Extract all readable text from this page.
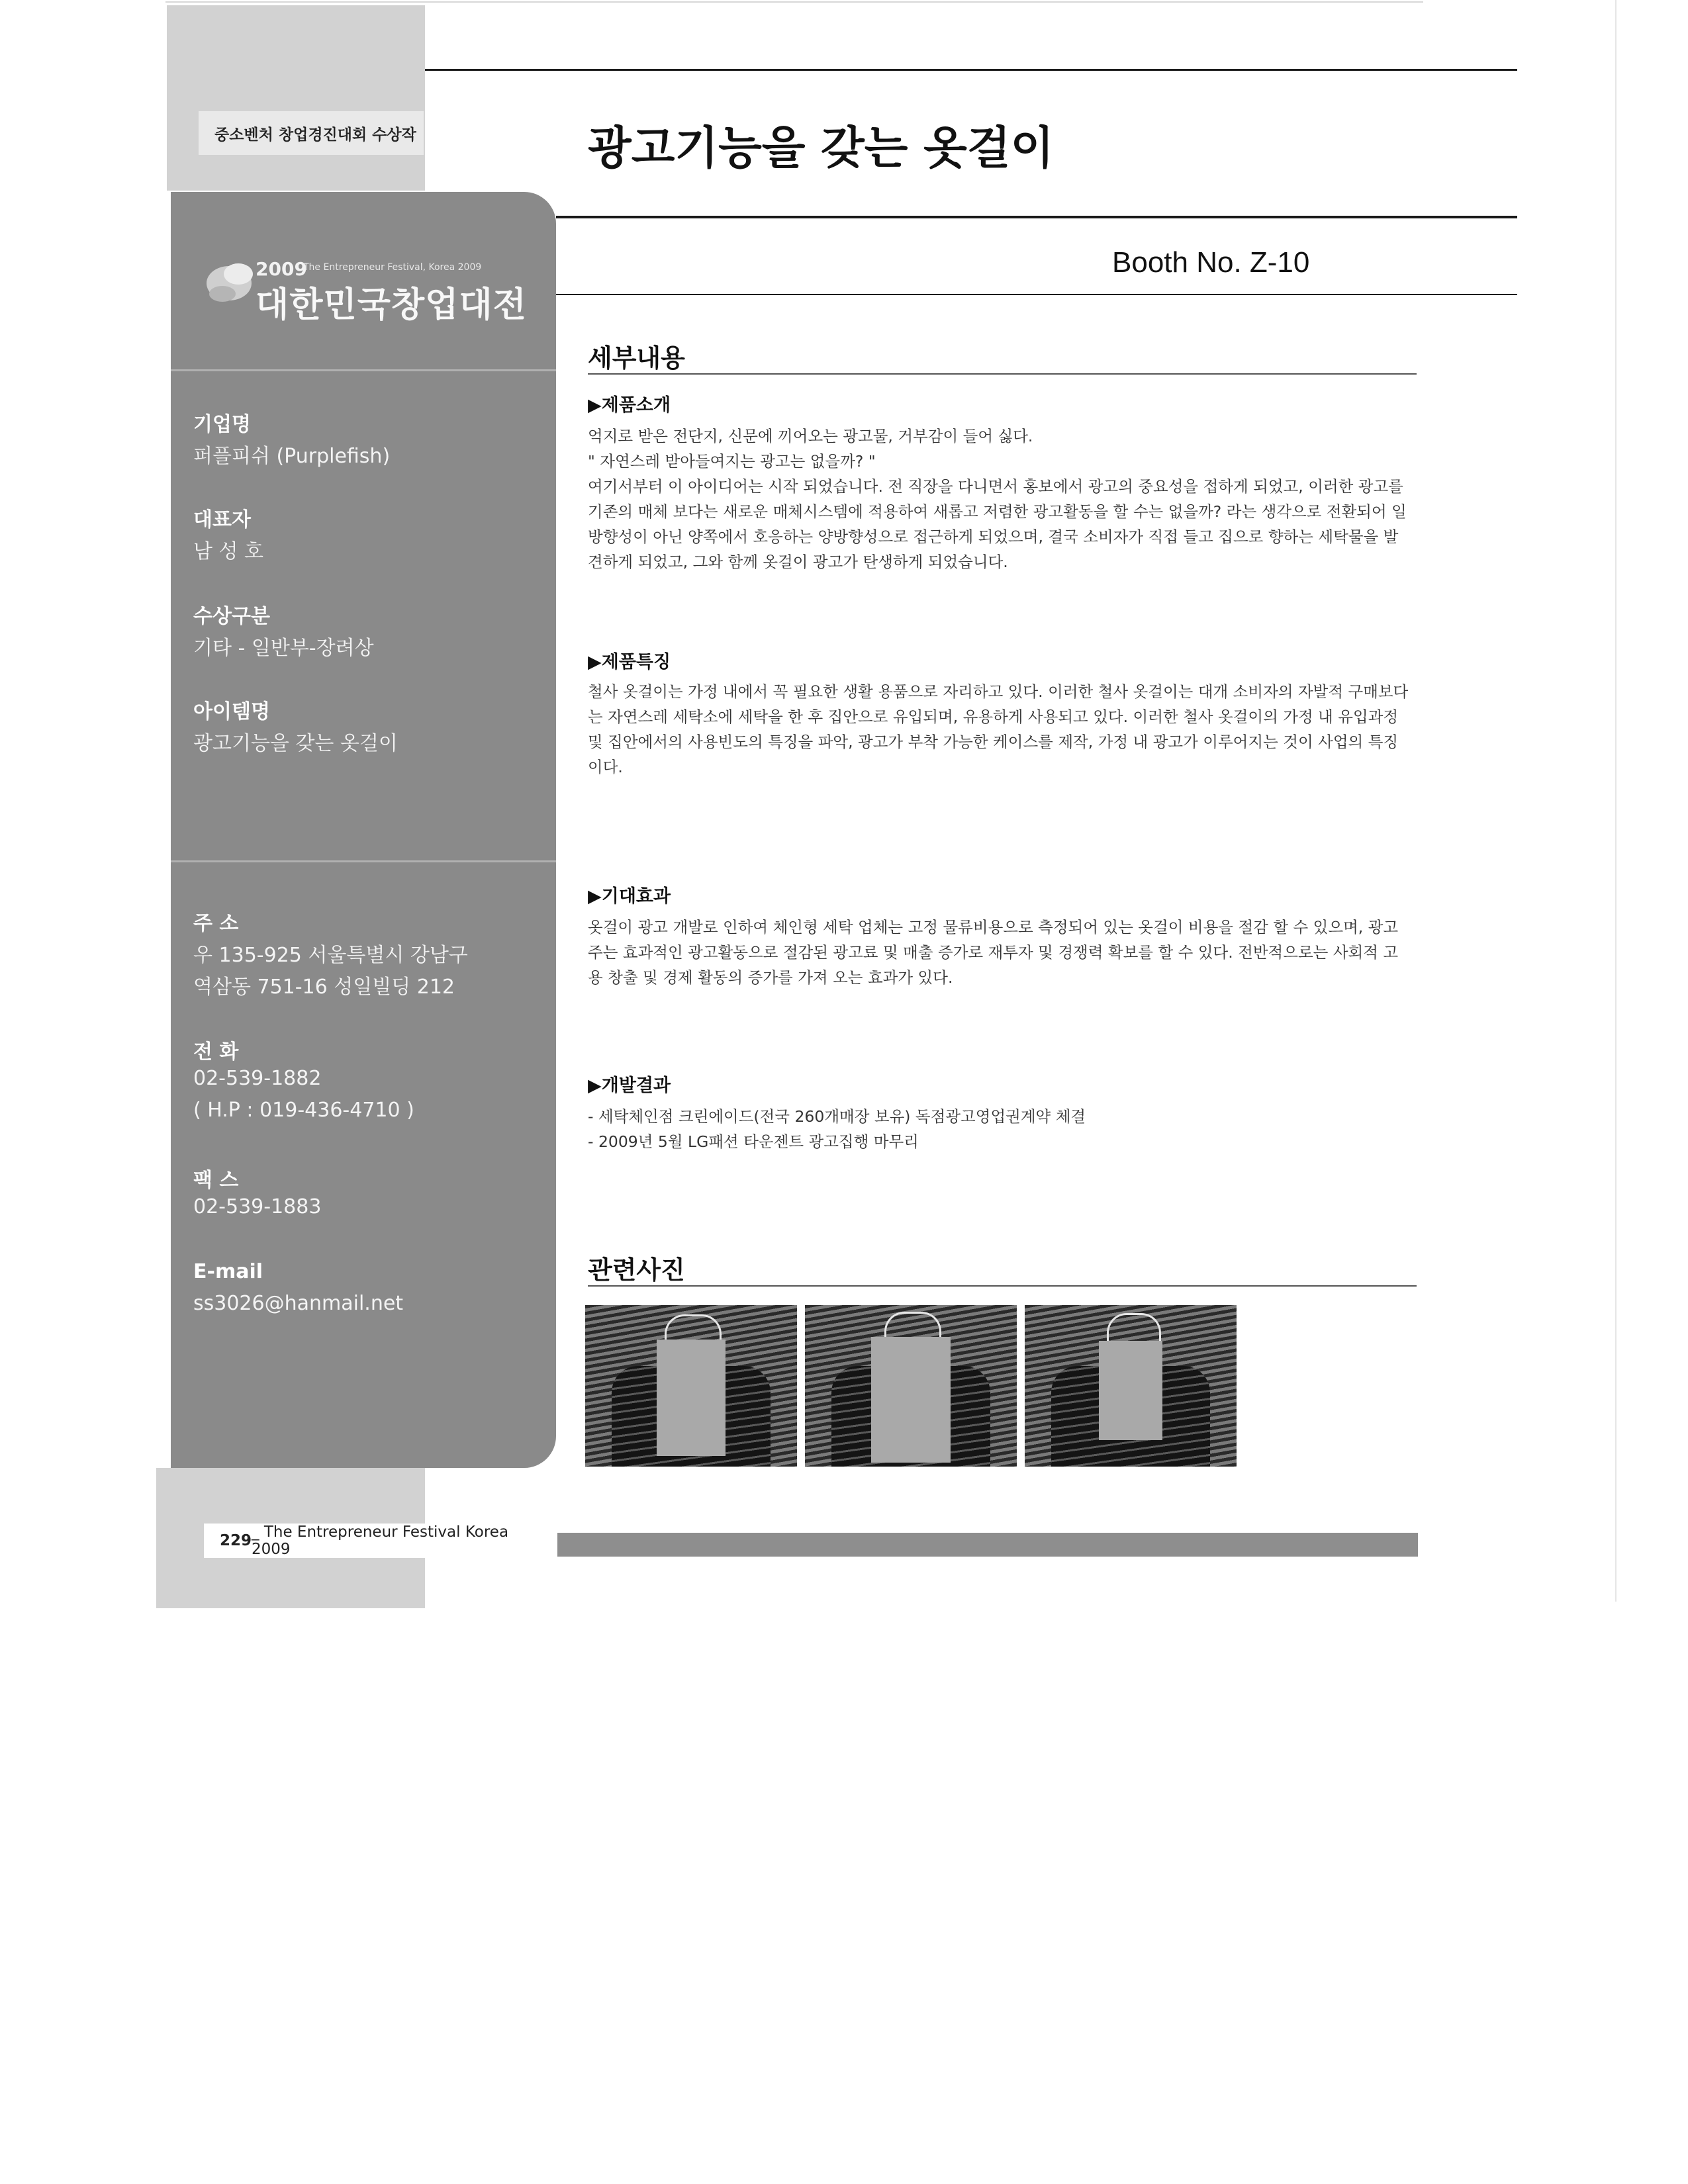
중소벤처 창업경진대회 수상작	광고기능을 갖는 옷걸이
Booth No. Z-10
2009
The Entrepreneur Festival, Korea 2009
대한민국창업대전
기업명
퍼플피쉬 (Purplefish)
대표자
남 성 호
수상구분
기타 - 일반부-장려상
아이템명
광고기능을 갖는 옷걸이
주 소
우 135-925 서울특별시 강남구
역삼동 751-16 성일빌딩 212
전 화
02-539-1882
( H.P : 019-436-4710 )
팩 스
02-539-1883
E-mail
ss3026@hanmail.net
세부내용
▶제품소개

억지로 받은 전단지, 신문에 끼어오는 광고물, 거부감이 들어 싫다.

" 자연스레 받아들여지는 광고는 없을까? "

여기서부터 이 아이디어는 시작 되었습니다. 전 직장을 다니면서 홍보에서 광고의 중요성을 접하게 되었고, 이러한 광고를 기존의 매체 보다는 새로운 매체시스템에 적용하여 새롭고 저렴한 광고활동을 할 수는 없을까? 라는 생각으로 전환되어 일방향성이 아닌 양쪽에서 호응하는 양방향성으로 접근하게 되었으며, 결국 소비자가 직접 들고 집으로 향하는 세탁물을 발견하게 되었고, 그와 함께 옷걸이 광고가 탄생하게 되었습니다.

▶제품특징

철사 옷걸이는 가정 내에서 꼭 필요한 생활 용품으로 자리하고 있다. 이러한 철사 옷걸이는 대개 소비자의 자발적 구매보다는 자연스레 세탁소에 세탁을 한 후 집안으로 유입되며, 유용하게 사용되고 있다. 이러한 철사 옷걸이의 가정 내 유입과정 및 집안에서의 사용빈도의 특징을 파악, 광고가 부착 가능한 케이스를 제작, 가정 내 광고가 이루어지는 것이 사업의 특징이다.

▶기대효과

옷걸이 광고 개발로 인하여 체인형 세탁 업체는 고정 물류비용으로 측정되어 있는 옷걸이 비용을 절감 할 수 있으며, 광고주는 효과적인 광고활동으로 절감된 광고료 및 매출 증가로 재투자 및 경쟁력 확보를 할 수 있다. 전반적으로는 사회적 고용 창출 및 경제 활동의 증가를 가져 오는 효과가 있다.

▶개발결과

- 세탁체인점 크린에이드(전국 260개매장 보유) 독점광고영업권계약 체결

- 2009년 5월 LG패션 타운젠트 광고집행 마무리

관련사진
229 _ The Entrepreneur Festival Korea 2009
